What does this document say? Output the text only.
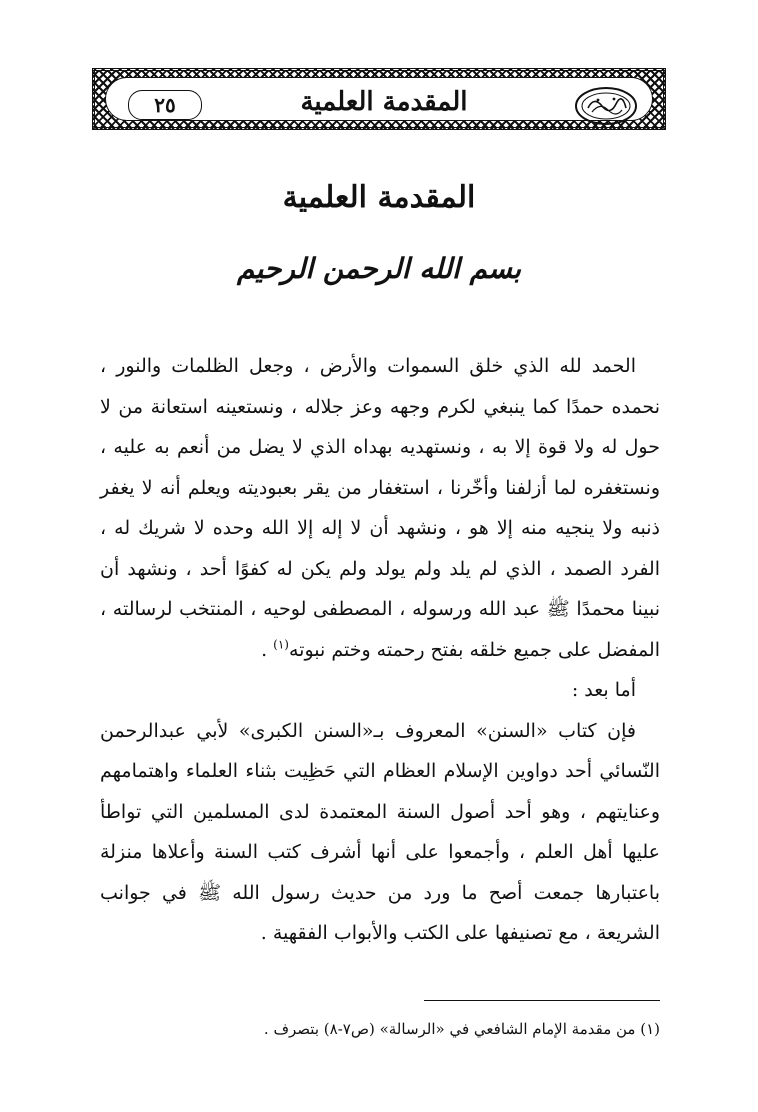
٢٥	المقدمة العلمية
المقدمة العلمية
بسم الله الرحمن الرحيم

الحمد لله الذي خلق السموات والأرض ، وجعل الظلمات والنور ، نحمده حمدًا كما ينبغي لكرم وجهه وعز جلاله ، ونستعينه استعانة من لا حول له ولا قوة إلا به ، ونستهديه بهداه الذي لا يضل من أنعم به عليه ، ونستغفره لما أزلفنا وأخّرنا ، استغفار من يقر بعبوديته ويعلم أنه لا يغفر ذنبه ولا ينجيه منه إلا هو ، ونشهد أن لا إله إلا الله وحده لا شريك له ، الفرد الصمد ، الذي لم يلد ولم يولد ولم يكن له كفوًا أحد ، ونشهد أن نبينا محمدًا ﷺ عبد الله ورسوله ، المصطفى لوحيه ، المنتخب لرسالته ، المفضل على جميع خلقه بفتح رحمته وختم نبوته$^{(١)}$ .

أما بعد :

فإن كتاب «السنن» المعروف بـ«السنن الكبرى» لأبي عبدالرحمن النّسائي أحد دواوين الإسلام العظام التي حَظِيت بثناء العلماء واهتمامهم وعنايتهم ، وهو أحد أصول السنة المعتمدة لدى المسلمين التي تواطأ عليها أهل العلم ، وأجمعوا على أنها أشرف كتب السنة وأعلاها منزلة باعتبارها جمعت أصح ما ورد من حديث رسول الله ﷺ في جوانب الشريعة ، مع تصنيفها على الكتب والأبواب الفقهية .

(١) من مقدمة الإمام الشافعي في «الرسالة» (ص٧-٨) بتصرف .
